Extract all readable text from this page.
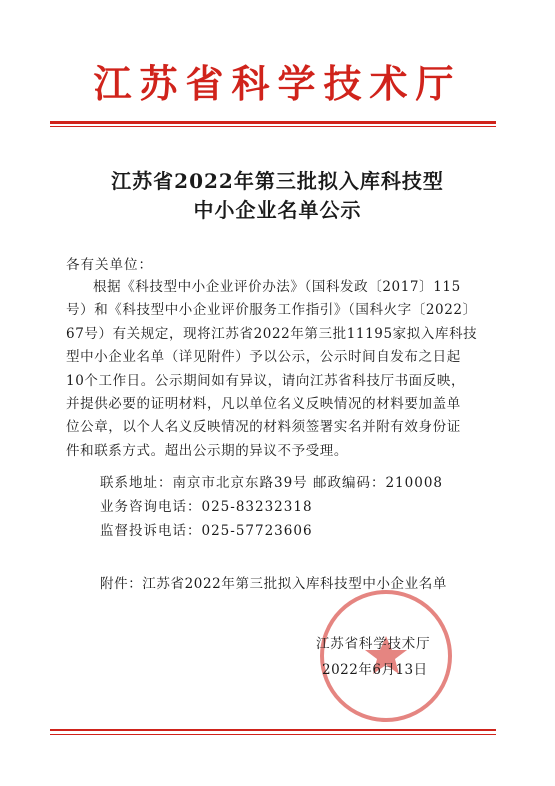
江苏省科学技术厅
江苏省2022年第三批拟入库科技型
中小企业名单公示
各有关单位：
根据《科技型中小企业评价办法》（国科发政〔2017〕115
号）和《科技型中小企业评价服务工作指引》（国科火字〔2022〕
67号）有关规定，现将江苏省2022年第三批11195家拟入库科技
型中小企业名单（详见附件）予以公示，公示时间自发布之日起
10个工作日。公示期间如有异议，请向江苏省科技厅书面反映，
并提供必要的证明材料，凡以单位名义反映情况的材料要加盖单
位公章，以个人名义反映情况的材料须签署实名并附有效身份证
件和联系方式。超出公示期的异议不予受理。
联系地址：南京市北京东路39号 邮政编码：210008
业务咨询电话：025-83232318
监督投诉电话：025-57723606
附件：江苏省2022年第三批拟入库科技型中小企业名单
江苏省科学技术厅
2022年6月13日
